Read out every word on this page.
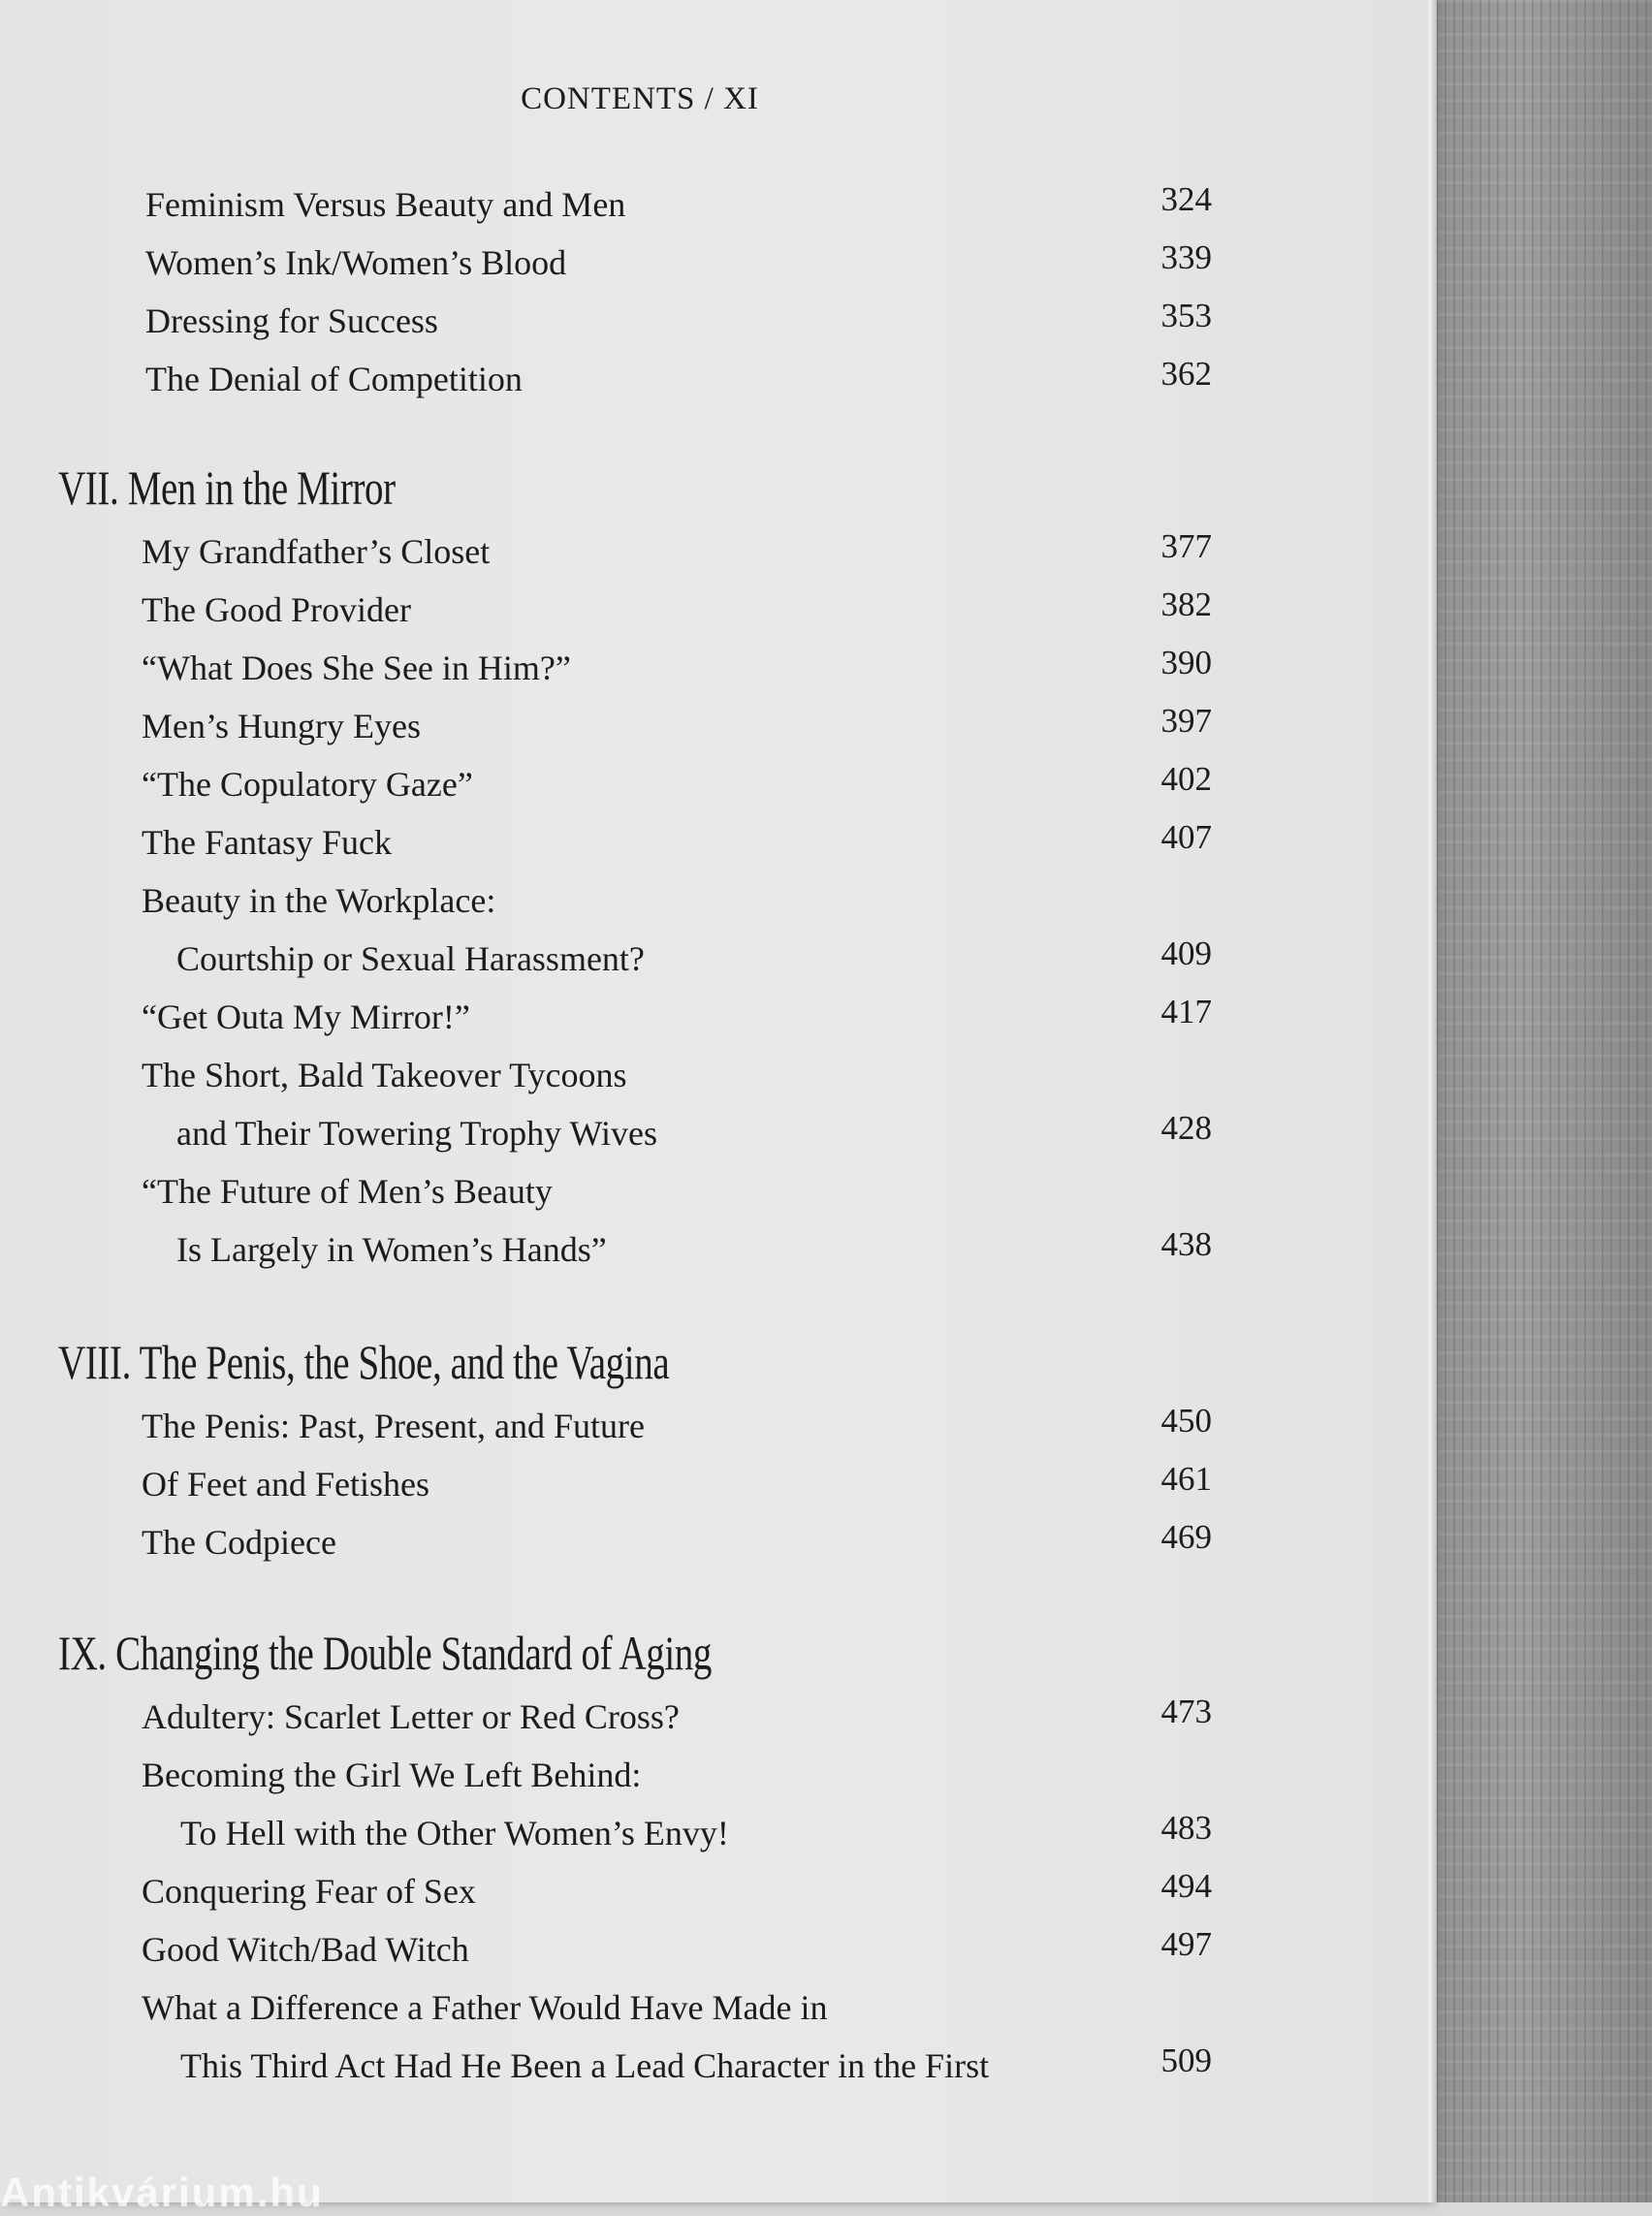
CONTENTS / XI
Feminism Versus Beauty and Men	324
Women’s Ink/Women’s Blood	339
Dressing for Success	353
The Denial of Competition	362
VII. Men in the Mirror
My Grandfather’s Closet	377
The Good Provider	382
“What Does She See in Him?”	390
Men’s Hungry Eyes	397
“The Copulatory Gaze”	402
The Fantasy Fuck	407
Beauty in the Workplace:
Courtship or Sexual Harassment?	409
“Get Outa My Mirror!”	417
The Short, Bald Takeover Tycoons
and Their Towering Trophy Wives	428
“The Future of Men’s Beauty
Is Largely in Women’s Hands”	438
VIII. The Penis, the Shoe, and the Vagina
The Penis: Past, Present, and Future	450
Of Feet and Fetishes	461
The Codpiece	469
IX. Changing the Double Standard of Aging
Adultery: Scarlet Letter or Red Cross?	473
Becoming the Girl We Left Behind:
To Hell with the Other Women’s Envy!	483
Conquering Fear of Sex	494
Good Witch/Bad Witch	497
What a Difference a Father Would Have Made in
This Third Act Had He Been a Lead Character in the First	509
Antikvárium.hu
